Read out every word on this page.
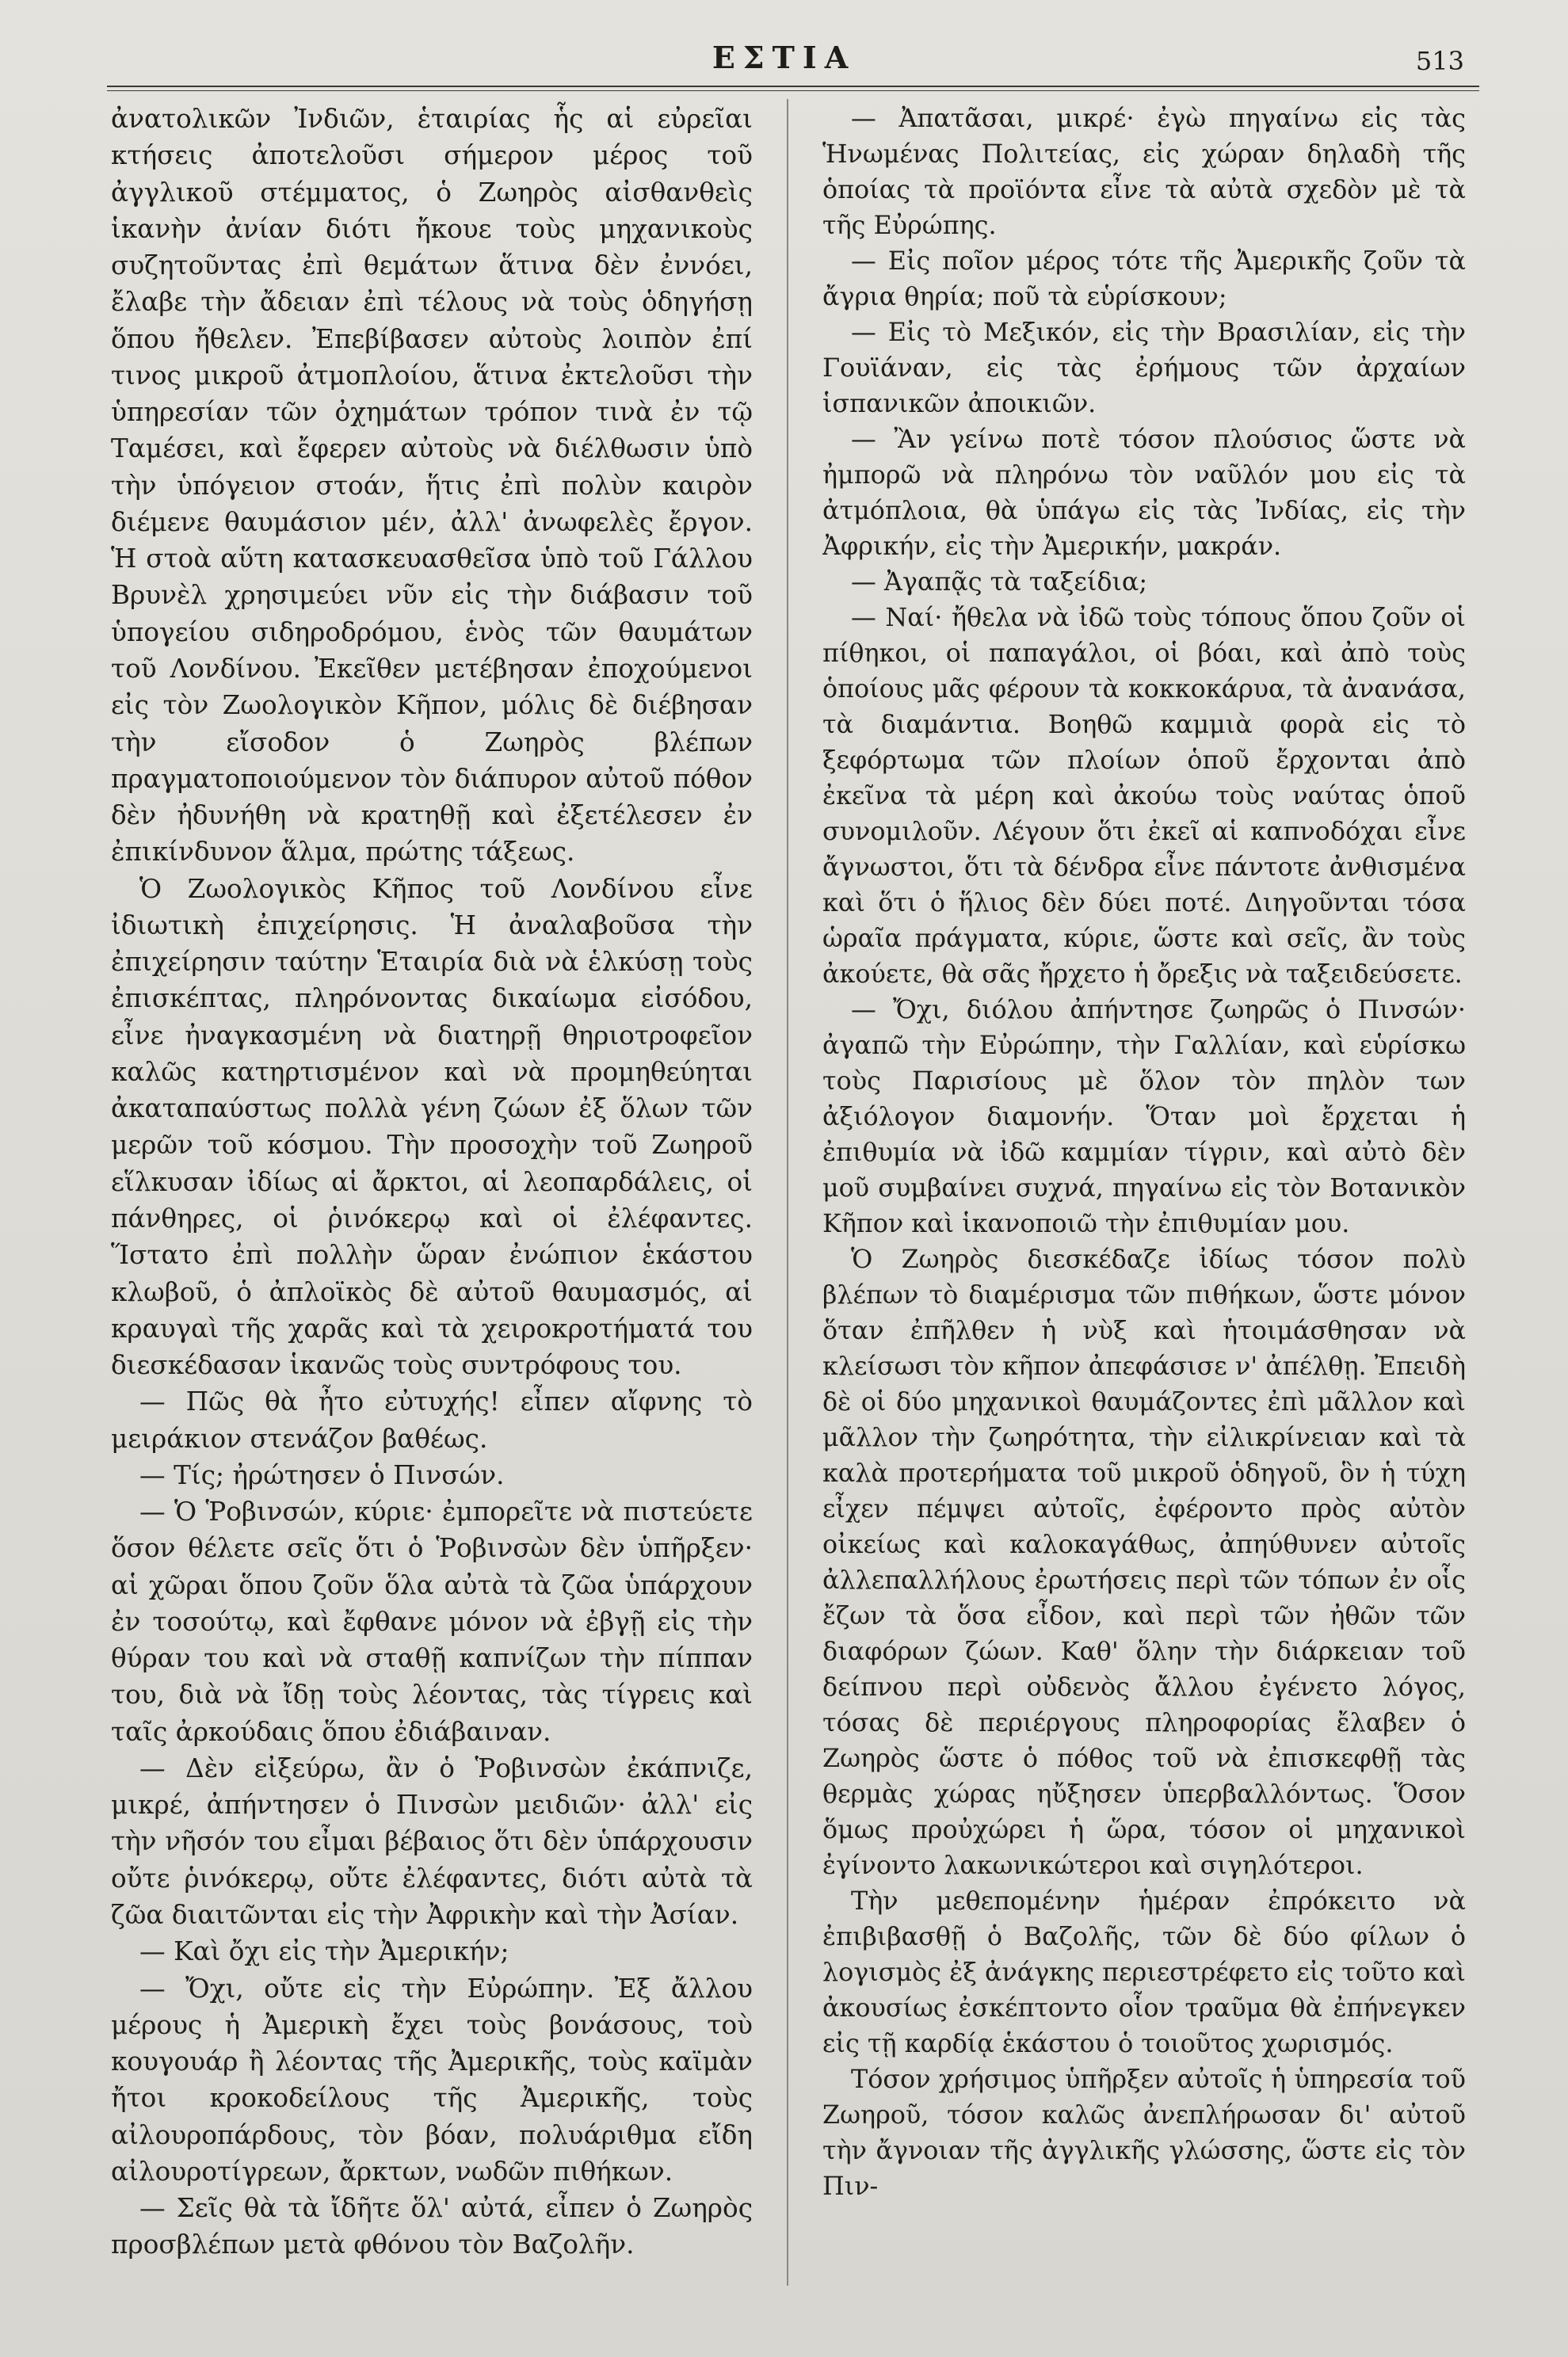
ΕΣΤΙΑ	513

ἀνατολικῶν Ἰνδιῶν, ἑταιρίας ἧς αἱ εὐρεῖαι κτήσεις ἀποτελοῦσι σήμερον μέρος τοῦ ἀγγλικοῦ στέμματος, ὁ Ζωηρὸς αἰσθανθεὶς ἱκανὴν ἀνίαν διότι ἤκουε τοὺς μηχανικοὺς συζητοῦντας ἐπὶ θεμάτων ἅτινα δὲν ἐννόει, ἔλαβε τὴν ἄδειαν ἐπὶ τέλους νὰ τοὺς ὁδηγήσῃ ὅπου ἤθελεν. Ἐπεβίβασεν αὐτοὺς λοιπὸν ἐπί τινος μικροῦ ἀτμοπλοίου, ἅτινα ἐκτελοῦσι τὴν ὑπηρεσίαν τῶν ὀχημάτων τρόπον τινὰ ἐν τῷ Ταμέσει, καὶ ἔφερεν αὐτοὺς νὰ διέλθωσιν ὑπὸ τὴν ὑπόγειον στοάν, ἥτις ἐπὶ πολὺν καιρὸν διέμενε θαυμάσιον μέν, ἀλλ' ἀνωφελὲς ἔργον. Ἡ στοὰ αὕτη κατασκευασθεῖσα ὑπὸ τοῦ Γάλλου Βρυνὲλ χρησιμεύει νῦν εἰς τὴν διάβασιν τοῦ ὑπογείου σιδηροδρόμου, ἑνὸς τῶν θαυμάτων τοῦ Λονδίνου. Ἐκεῖθεν μετέβησαν ἐποχούμενοι εἰς τὸν Ζωολογικὸν Κῆπον, μόλις δὲ διέβησαν τὴν εἴσοδον ὁ Ζωηρὸς βλέπων πραγματοποιούμενον τὸν διάπυρον αὐτοῦ πόθον δὲν ἠδυνήθη νὰ κρατηθῇ καὶ ἐξετέλεσεν ἐν ἐπικίνδυνον ἅλμα, πρώτης τάξεως.

Ὁ Ζωολογικὸς Κῆπος τοῦ Λονδίνου εἶνε ἰδιωτικὴ ἐπιχείρησις. Ἡ ἀναλαβοῦσα τὴν ἐπιχείρησιν ταύτην Ἑταιρία διὰ νὰ ἑλκύσῃ τοὺς ἐπισκέπτας, πληρόνοντας δικαίωμα εἰσόδου, εἶνε ἠναγκασμένη νὰ διατηρῇ θηριοτροφεῖον καλῶς κατηρτισμένον καὶ νὰ προμηθεύηται ἀκαταπαύστως πολλὰ γένη ζώων ἐξ ὅλων τῶν μερῶν τοῦ κόσμου. Τὴν προσοχὴν τοῦ Ζωηροῦ εἵλκυσαν ἰδίως αἱ ἄρκτοι, αἱ λεοπαρδάλεις, οἱ πάνθηρες, οἱ ῥινόκερῳ καὶ οἱ ἐλέφαντες. Ἵστατο ἐπὶ πολλὴν ὥραν ἐνώπιον ἑκάστου κλωβοῦ, ὁ ἀπλοϊκὸς δὲ αὐτοῦ θαυμασμός, αἱ κραυγαὶ τῆς χαρᾶς καὶ τὰ χειροκροτήματά του διεσκέδασαν ἱκανῶς τοὺς συντρόφους του.

— Πῶς θὰ ἦτο εὐτυχής! εἶπεν αἴφνης τὸ μειράκιον στενάζον βαθέως.

— Τίς; ἠρώτησεν ὁ Πινσών.

— Ὁ Ῥοβινσών, κύριε· ἐμπορεῖτε νὰ πιστεύετε ὅσον θέλετε σεῖς ὅτι ὁ Ῥοβινσὼν δὲν ὑπῆρξεν· αἱ χῶραι ὅπου ζοῦν ὅλα αὐτὰ τὰ ζῶα ὑπάρχουν ἐν τοσούτῳ, καὶ ἔφθανε μόνον νὰ ἐβγῇ εἰς τὴν θύραν του καὶ νὰ σταθῇ καπνίζων τὴν πίππαν του, διὰ νὰ ἴδῃ τοὺς λέοντας, τὰς τίγρεις καὶ ταῖς ἀρκούδαις ὅπου ἐδιάβαιναν.

— Δὲν εἰξεύρω, ἂν ὁ Ῥοβινσὼν ἐκάπνιζε, μικρέ, ἀπήντησεν ὁ Πινσὼν μειδιῶν· ἀλλ' εἰς τὴν νῆσόν του εἶμαι βέβαιος ὅτι δὲν ὑπάρχουσιν οὔτε ῥινόκερῳ, οὔτε ἐλέφαντες, διότι αὐτὰ τὰ ζῶα διαιτῶνται εἰς τὴν Ἀφρικὴν καὶ τὴν Ἀσίαν.

— Καὶ ὄχι εἰς τὴν Ἀμερικήν;

— Ὄχι, οὔτε εἰς τὴν Εὐρώπην. Ἐξ ἄλλου μέρους ἡ Ἀμερικὴ ἔχει τοὺς βονάσους, τοὺ κουγουάρ ἢ λέοντας τῆς Ἀμερικῆς, τοὺς καϊμὰν ἤτοι κροκοδείλους τῆς Ἀμερικῆς, τοὺς αἰλουροπάρδους, τὸν βόαν, πολυάριθμα εἴδη αἰλουροτίγρεων, ἄρκτων, νωδῶν πιθήκων.

— Σεῖς θὰ τὰ ἴδῆτε ὅλ' αὐτά, εἶπεν ὁ Ζωηρὸς προσβλέπων μετὰ φθόνου τὸν Βαζολῆν.

— Ἀπατᾶσαι, μικρέ· ἐγὼ πηγαίνω εἰς τὰς Ἡνωμένας Πολιτείας, εἰς χώραν δηλαδὴ τῆς ὁποίας τὰ προϊόντα εἶνε τὰ αὐτὰ σχεδὸν μὲ τὰ τῆς Εὐρώπης.

— Εἰς ποῖον μέρος τότε τῆς Ἀμερικῆς ζοῦν τὰ ἄγρια θηρία; ποῦ τὰ εὑρίσκουν;

— Εἰς τὸ Μεξικόν, εἰς τὴν Βρασιλίαν, εἰς τὴν Γουϊάναν, εἰς τὰς ἐρήμους τῶν ἀρχαίων ἱσπανικῶν ἀποικιῶν.

— Ἂν γείνω ποτὲ τόσον πλούσιος ὥστε νὰ ἠμπορῶ νὰ πληρόνω τὸν ναῦλόν μου εἰς τὰ ἀτμόπλοια, θὰ ὑπάγω εἰς τὰς Ἰνδίας, εἰς τὴν Ἀφρικήν, εἰς τὴν Ἀμερικήν, μακράν.

— Ἀγαπᾷς τὰ ταξείδια;

— Ναί· ἤθελα νὰ ἰδῶ τοὺς τόπους ὅπου ζοῦν οἱ πίθηκοι, οἱ παπαγάλοι, οἱ βόαι, καὶ ἀπὸ τοὺς ὁποίους μᾶς φέρουν τὰ κοκκοκάρυα, τὰ ἀνανάσα, τὰ διαμάντια. Βοηθῶ καμμιὰ φορὰ εἰς τὸ ξεφόρτωμα τῶν πλοίων ὁποῦ ἔρχονται ἀπὸ ἐκεῖνα τὰ μέρη καὶ ἀκούω τοὺς ναύτας ὁποῦ συνομιλοῦν. Λέγουν ὅτι ἐκεῖ αἱ καπνοδόχαι εἶνε ἄγνωστοι, ὅτι τὰ δένδρα εἶνε πάντοτε ἀνθισμένα καὶ ὅτι ὁ ἥλιος δὲν δύει ποτέ. Διηγοῦνται τόσα ὡραῖα πράγματα, κύριε, ὥστε καὶ σεῖς, ἂν τοὺς ἀκούετε, θὰ σᾶς ἤρχετο ἡ ὄρεξις νὰ ταξειδεύσετε.

— Ὄχι, διόλου ἀπήντησε ζωηρῶς ὁ Πινσών· ἀγαπῶ τὴν Εὐρώπην, τὴν Γαλλίαν, καὶ εὑρίσκω τοὺς Παρισίους μὲ ὅλον τὸν πηλὸν των ἀξιόλογον διαμονήν. Ὅταν μοὶ ἔρχεται ἡ ἐπιθυμία νὰ ἰδῶ καμμίαν τίγριν, καὶ αὐτὸ δὲν μοῦ συμβαίνει συχνά, πηγαίνω εἰς τὸν Βοτανικὸν Κῆπον καὶ ἱκανοποιῶ τὴν ἐπιθυμίαν μου.

Ὁ Ζωηρὸς διεσκέδαζε ἰδίως τόσον πολὺ βλέπων τὸ διαμέρισμα τῶν πιθήκων, ὥστε μόνον ὅταν ἐπῆλθεν ἡ νὺξ καὶ ἡτοιμάσθησαν νὰ κλείσωσι τὸν κῆπον ἀπεφάσισε ν' ἀπέλθῃ. Ἐπειδὴ δὲ οἱ δύο μηχανικοὶ θαυμάζοντες ἐπὶ μᾶλλον καὶ μᾶλλον τὴν ζωηρότητα, τὴν εἰλικρίνειαν καὶ τὰ καλὰ προτερήματα τοῦ μικροῦ ὁδηγοῦ, ὃν ἡ τύχη εἶχεν πέμψει αὐτοῖς, ἐφέροντο πρὸς αὐτὸν οἰκείως καὶ καλοκαγάθως, ἀπηύθυνεν αὐτοῖς ἀλλεπαλλήλους ἐρωτήσεις περὶ τῶν τόπων ἐν οἷς ἔζων τὰ ὅσα εἶδον, καὶ περὶ τῶν ἠθῶν τῶν διαφόρων ζώων. Καθ' ὅλην τὴν διάρκειαν τοῦ δείπνου περὶ οὐδενὸς ἄλλου ἐγένετο λόγος, τόσας δὲ περιέργους πληροφορίας ἔλαβεν ὁ Ζωηρὸς ὥστε ὁ πόθος τοῦ νὰ ἐπισκεφθῇ τὰς θερμὰς χώρας ηὔξησεν ὑπερβαλλόντως. Ὅσον ὅμως προὐχώρει ἡ ὥρα, τόσον οἱ μηχανικοὶ ἐγίνοντο λακωνικώτεροι καὶ σιγηλότεροι.

Τὴν μεθεπομένην ἡμέραν ἐπρόκειτο νὰ ἐπιβιβασθῇ ὁ Βαζολῆς, τῶν δὲ δύο φίλων ὁ λογισμὸς ἐξ ἀνάγκης περιεστρέφετο εἰς τοῦτο καὶ ἀκουσίως ἐσκέπτοντο οἷον τραῦμα θὰ ἐπήνεγκεν εἰς τῇ καρδίᾳ ἑκάστου ὁ τοιοῦτος χωρισμός.

Τόσον χρήσιμος ὑπῆρξεν αὐτοῖς ἡ ὑπηρεσία τοῦ Ζωηροῦ, τόσον καλῶς ἀνεπλήρωσαν δι' αὐτοῦ τὴν ἄγνοιαν τῆς ἀγγλικῆς γλώσσης, ὥστε εἰς τὸν Πιν-
